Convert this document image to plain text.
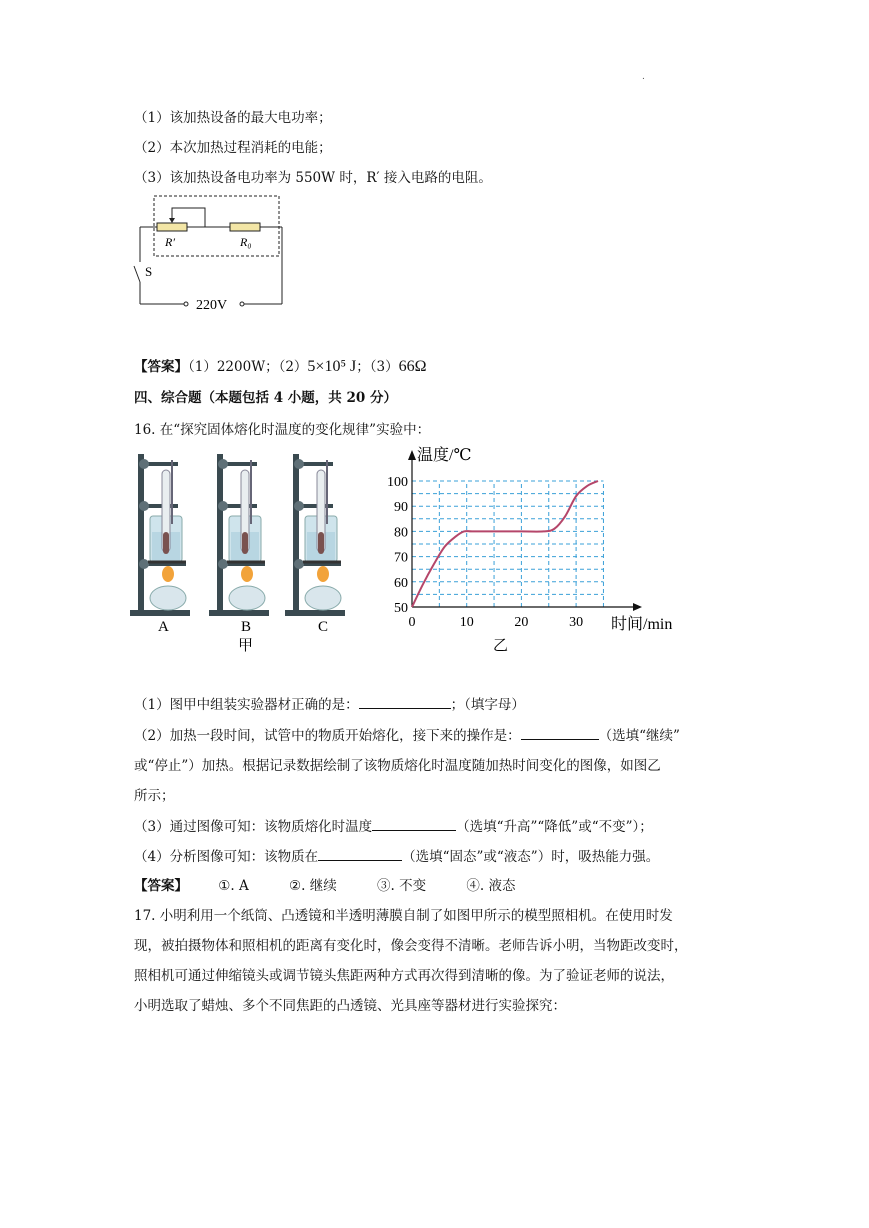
.
（1）该加热设备的最大电功率；
（2）本次加热过程消耗的电能；
（3）该加热设备电功率为 550W 时，R′ 接入电路的电阻。
R′	R₀
S
220V
【答案】（1）2200W；（2）5×10⁵ J；（3）66Ω
四、综合题（本题包括 4 小题，共 20 分）
16. 在“探究固体熔化时温度的变化规律”实验中：
A	B	C
甲
50
60
70
80
90
100
0	10	20	30
温度/℃
时间/min
乙
（1）图甲中组装实验器材正确的是：	；（填字母）
（2）加热一段时间，试管中的物质开始熔化，接下来的操作是：	（选填“继续”
或“停止”）加热。根据记录数据绘制了该物质熔化时温度随加热时间变化的图像，如图乙
所示；
（3）通过图像可知：该物质熔化时温度	（选填“升高”“降低”或“不变”）；
（4）分析图像可知：该物质在	（选填“固态”或“液态”）时，吸热能力强。
【答案】 ①. A	②. 继续	③. 不变	④. 液态
17. 小明利用一个纸筒、凸透镜和半透明薄膜自制了如图甲所示的模型照相机。在使用时发
现，被拍摄物体和照相机的距离有变化时，像会变得不清晰。老师告诉小明，当物距改变时，
照相机可通过伸缩镜头或调节镜头焦距两种方式再次得到清晰的像。为了验证老师的说法，
小明选取了蜡烛、多个不同焦距的凸透镜、光具座等器材进行实验探究：
